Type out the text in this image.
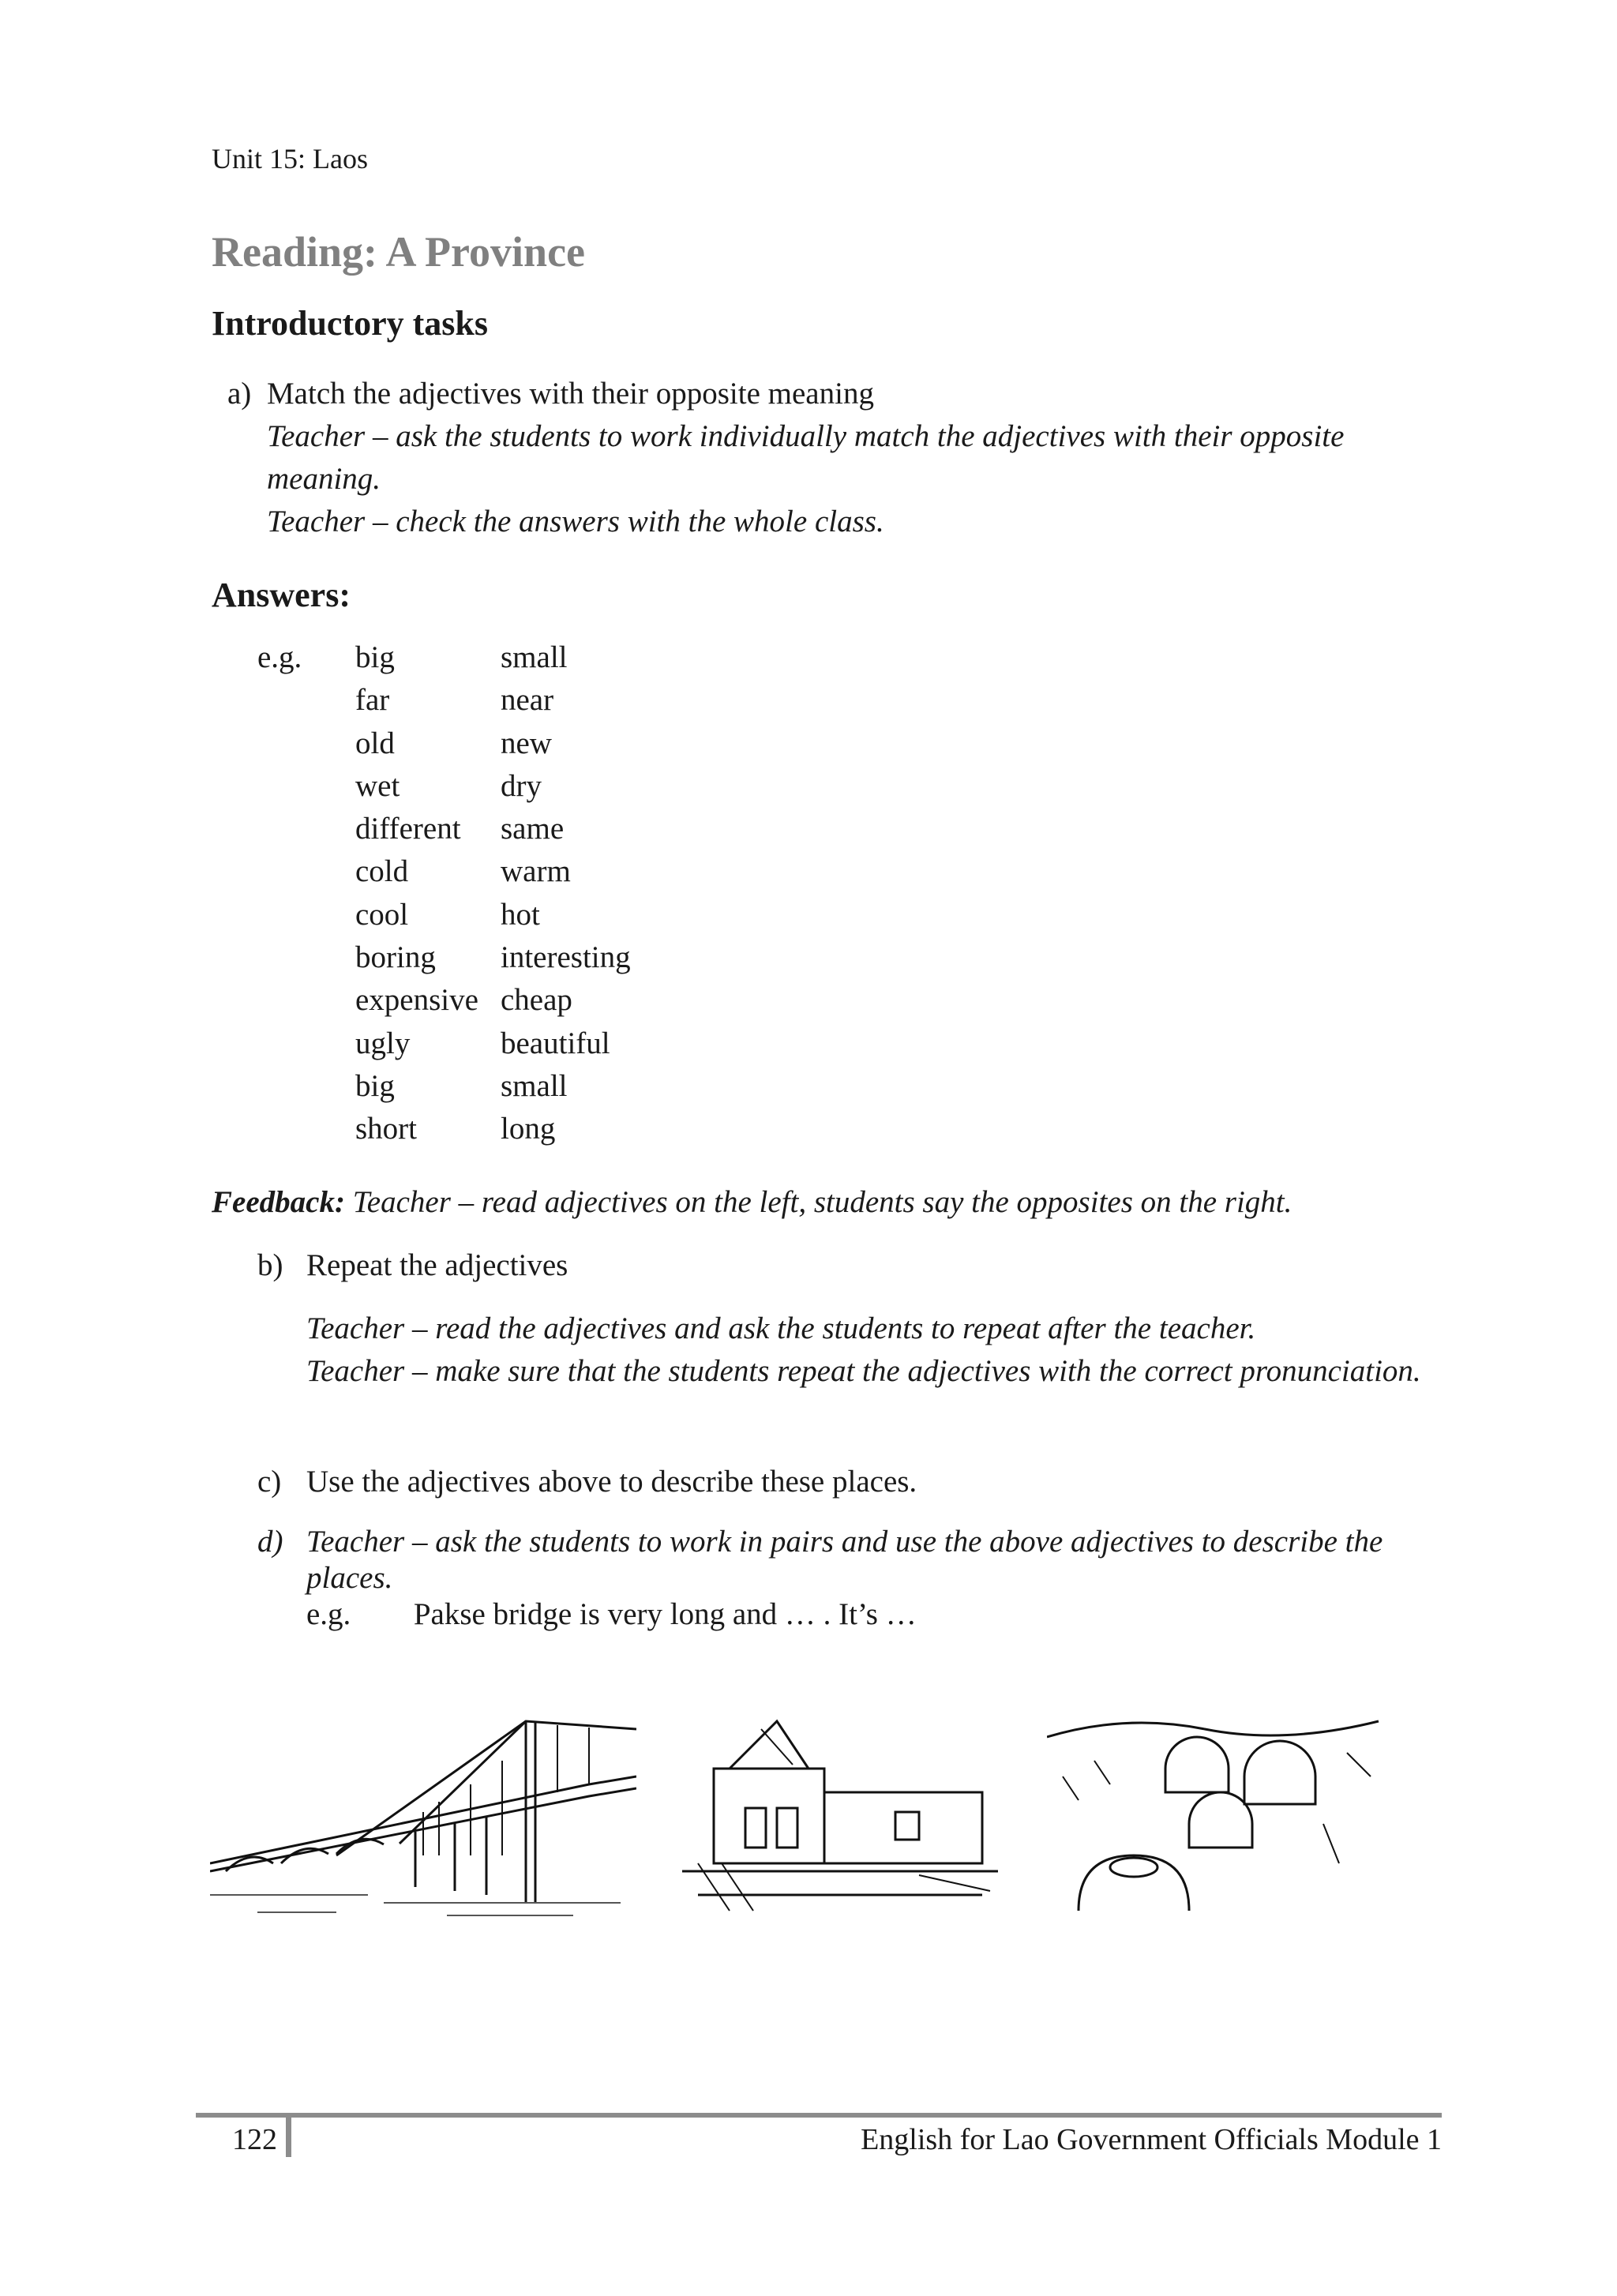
Unit 15: Laos
Reading: A Province
Introductory tasks
a) Match the adjectives with their opposite meaning
Teacher – ask the students to work individually match the adjectives with their opposite meaning.
Teacher – check the answers with the whole class.
Answers:
e.g.	big	small
	far	near
	old	new
	wet	dry
	different	same
	cold	warm
	cool	hot
	boring	interesting
	expensive	cheap
	ugly	beautiful
	big	small
	short	long
Feedback: Teacher – read adjectives on the left, students say the opposites on the right.
b) Repeat the adjectives
Teacher – read the adjectives and ask the students to repeat after the teacher.
Teacher – make sure that the students repeat the adjectives with the correct pronunciation.
c) Use the adjectives above to describe these places.
d) Teacher – ask the students to work in pairs and use the above adjectives to describe the places.
e.g. Pakse bridge is very long and … . It’s …
122	English for Lao Government Officials Module 1
